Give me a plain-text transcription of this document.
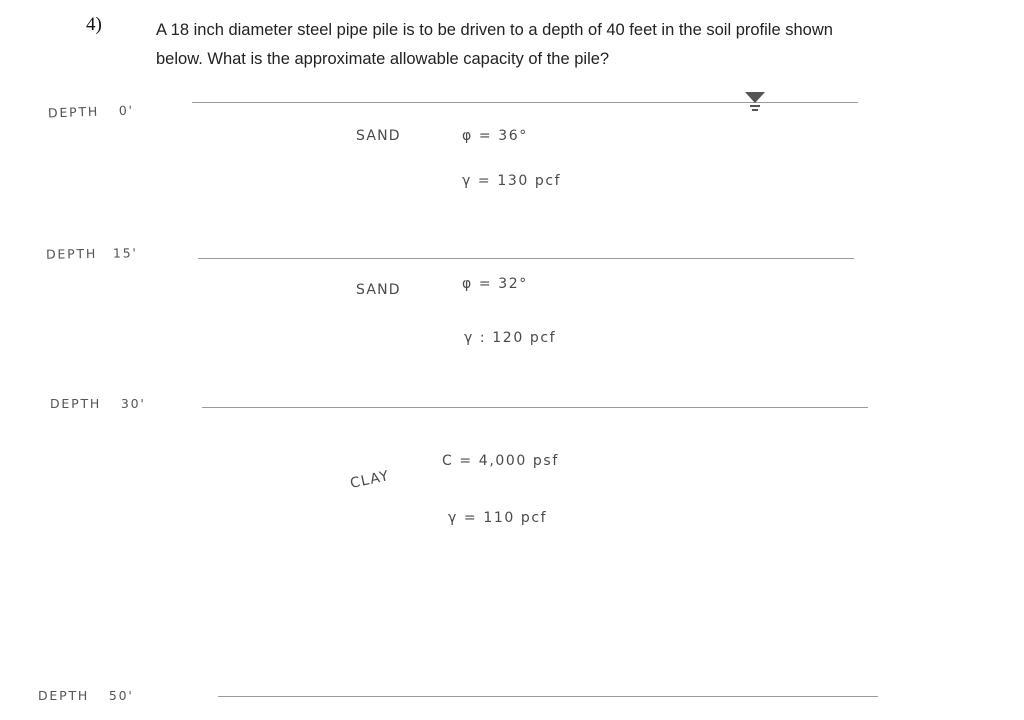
4)	A 18 inch diameter steel pipe pile is to be driven to a depth of 40 feet in the soil profile shown
below. What is the approximate allowable capacity of the pile?
DEPTH 0'
SAND	φ = 36°
γ = 130 pcf
DEPTH 15'
SAND	φ = 32°
γ : 120 pcf
DEPTH 30'
CLAY
C = 4,000 psf
γ = 110 pcf
DEPTH 50'
